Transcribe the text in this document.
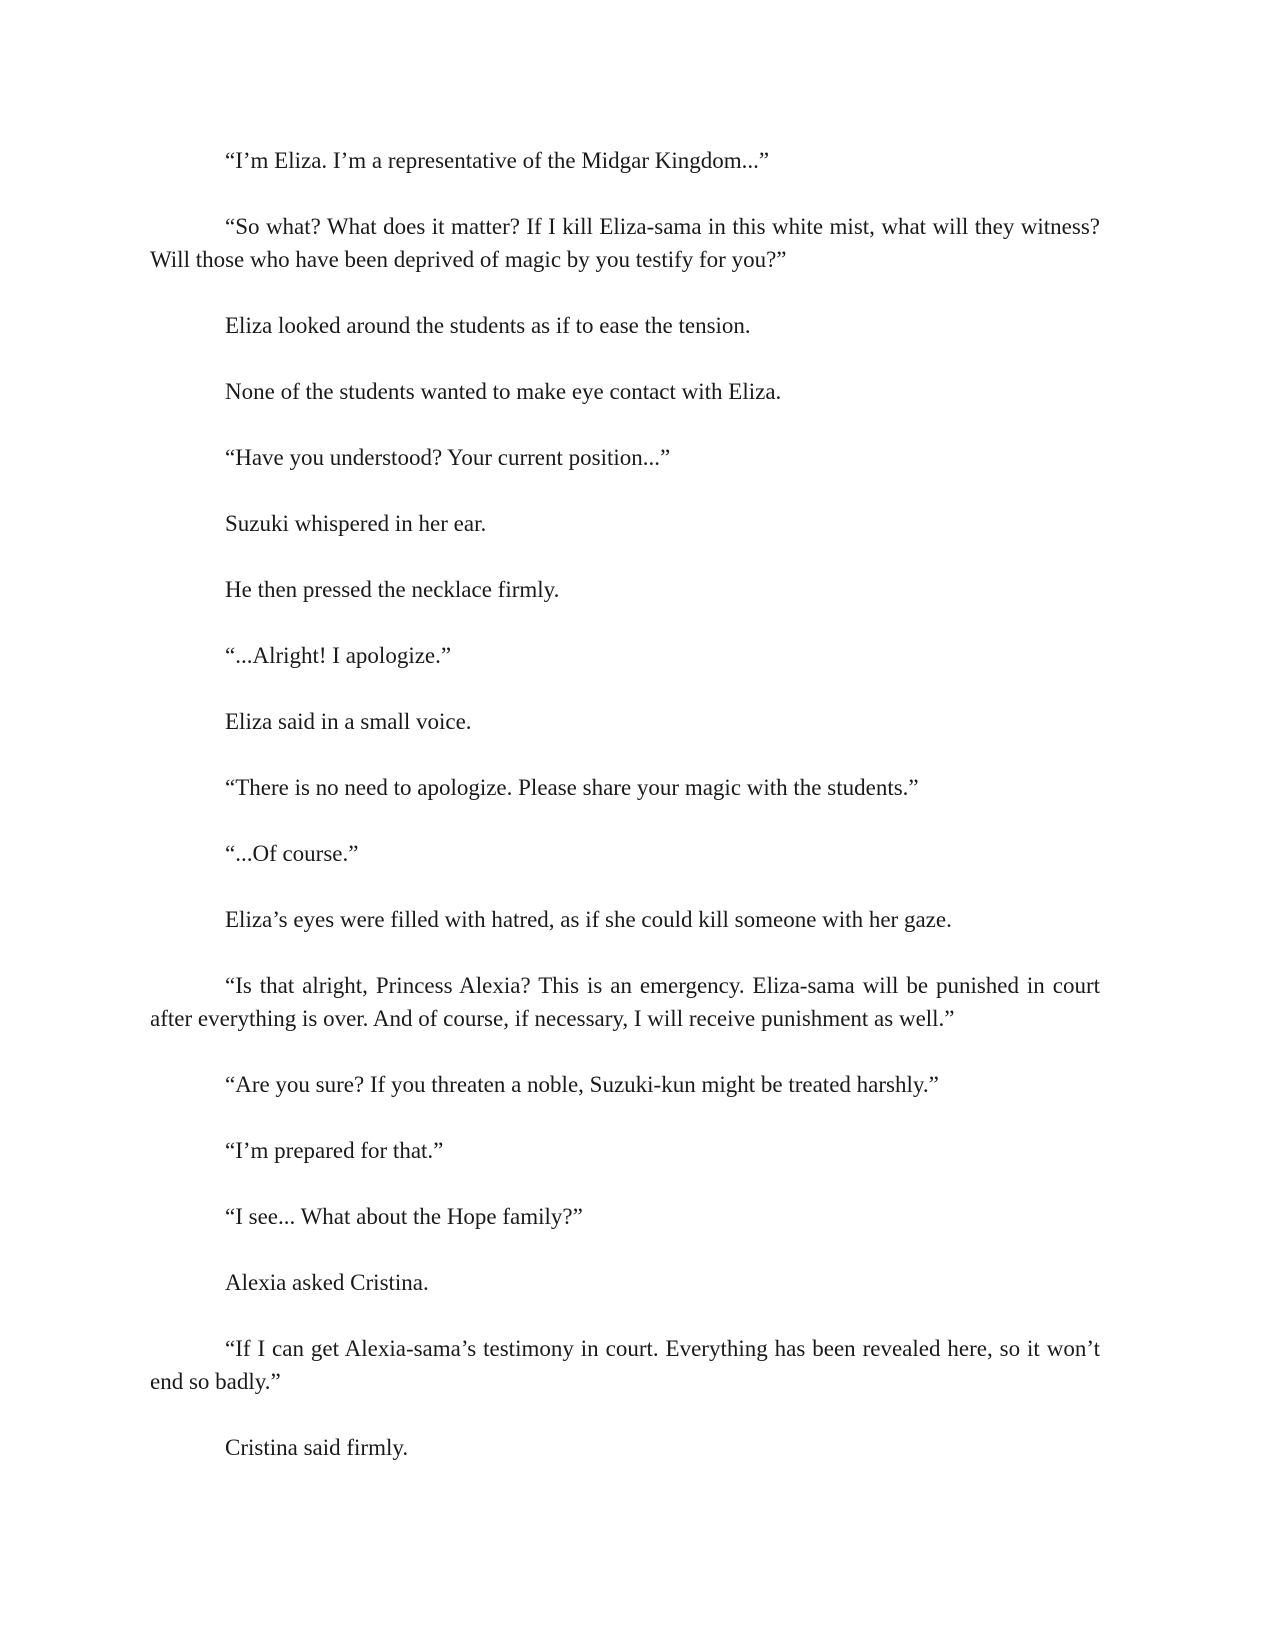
“I’m Eliza. I’m a representative of the Midgar Kingdom...”

“So what? What does it matter? If I kill Eliza-sama in this white mist, what will they witness? Will those who have been deprived of magic by you testify for you?”

Eliza looked around the students as if to ease the tension.

None of the students wanted to make eye contact with Eliza.

“Have you understood? Your current position...”

Suzuki whispered in her ear.

He then pressed the necklace firmly.

“...Alright! I apologize.”

Eliza said in a small voice.

“There is no need to apologize. Please share your magic with the students.”

“...Of course.”

Eliza’s eyes were filled with hatred, as if she could kill someone with her gaze.

“Is that alright, Princess Alexia? This is an emergency. Eliza-sama will be punished in court after everything is over. And of course, if necessary, I will receive punishment as well.”

“Are you sure? If you threaten a noble, Suzuki-kun might be treated harshly.”

“I’m prepared for that.”

“I see... What about the Hope family?”

Alexia asked Cristina.

“If I can get Alexia-sama’s testimony in court. Everything has been revealed here, so it won’t end so badly.”

Cristina said firmly.
